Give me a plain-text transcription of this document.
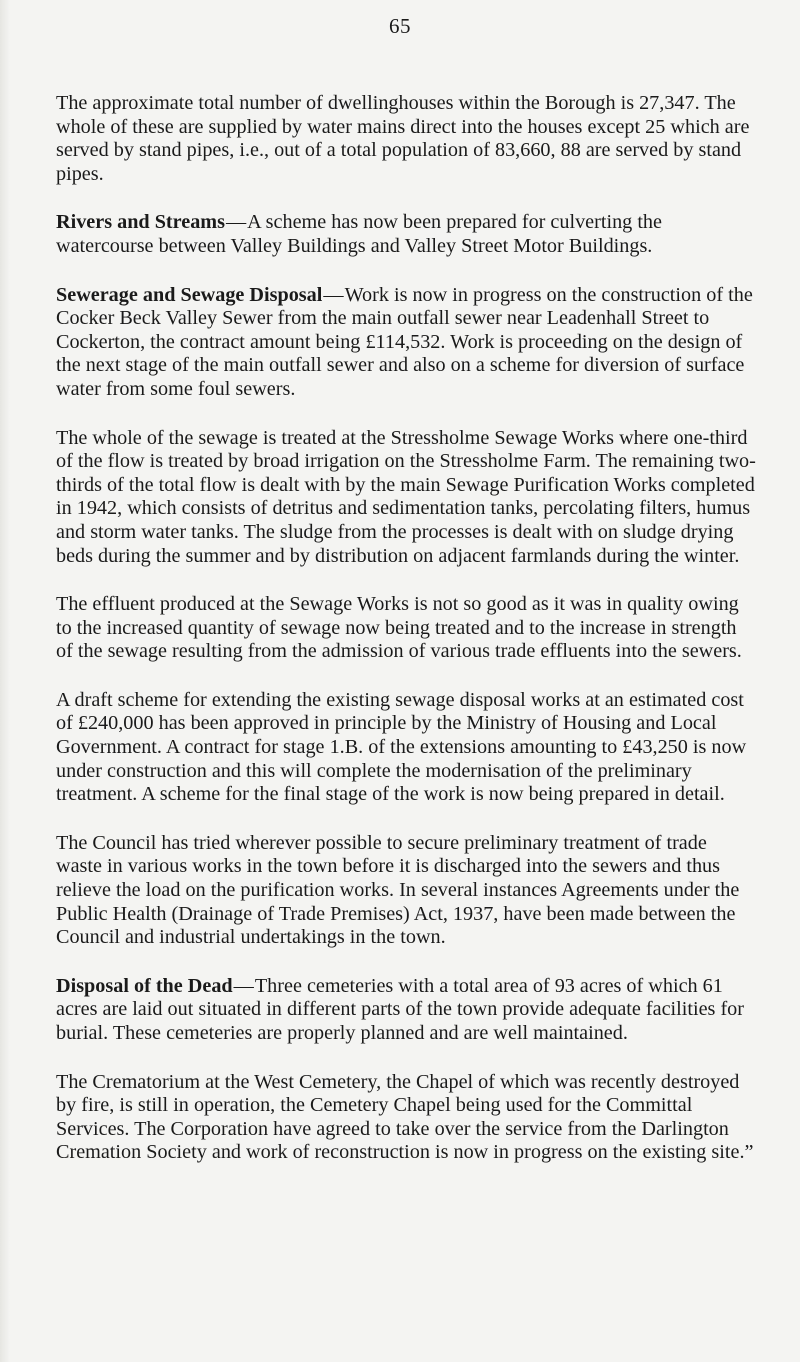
65

The approximate total number of dwellinghouses within the Borough is 27,347. The whole of these are supplied by water mains direct into the houses except 25 which are served by stand pipes, i.e., out of a total population of 83,660, 88 are served by stand pipes.

Rivers and Streams—A scheme has now been prepared for culverting the watercourse between Valley Buildings and Valley Street Motor Buildings.

Sewerage and Sewage Disposal—Work is now in progress on the construction of the Cocker Beck Valley Sewer from the main outfall sewer near Leadenhall Street to Cockerton, the contract amount being £114,532. Work is proceeding on the design of the next stage of the main outfall sewer and also on a scheme for diversion of surface water from some foul sewers.

The whole of the sewage is treated at the Stressholme Sewage Works where one-third of the flow is treated by broad irrigation on the Stressholme Farm. The remaining two-thirds of the total flow is dealt with by the main Sewage Purification Works completed in 1942, which consists of detritus and sedimentation tanks, percolating filters, humus and storm water tanks. The sludge from the processes is dealt with on sludge drying beds during the summer and by distribution on adjacent farmlands during the winter.

The effluent produced at the Sewage Works is not so good as it was in quality owing to the increased quantity of sewage now being treated and to the increase in strength of the sewage resulting from the admission of various trade effluents into the sewers.

A draft scheme for extending the existing sewage disposal works at an estimated cost of £240,000 has been approved in principle by the Ministry of Housing and Local Government. A contract for stage 1.B. of the extensions amounting to £43,250 is now under construction and this will complete the modernisation of the preliminary treatment. A scheme for the final stage of the work is now being prepared in detail.

The Council has tried wherever possible to secure preliminary treatment of trade waste in various works in the town before it is discharged into the sewers and thus relieve the load on the purification works. In several instances Agreements under the Public Health (Drainage of Trade Premises) Act, 1937, have been made between the Council and industrial undertakings in the town.

Disposal of the Dead—Three cemeteries with a total area of 93 acres of which 61 acres are laid out situated in different parts of the town provide adequate facilities for burial. These cemeteries are properly planned and are well maintained.

The Crematorium at the West Cemetery, the Chapel of which was recently destroyed by fire, is still in operation, the Cemetery Chapel being used for the Committal Services. The Corporation have agreed to take over the service from the Darlington Cremation Society and work of reconstruction is now in progress on the existing site.”
